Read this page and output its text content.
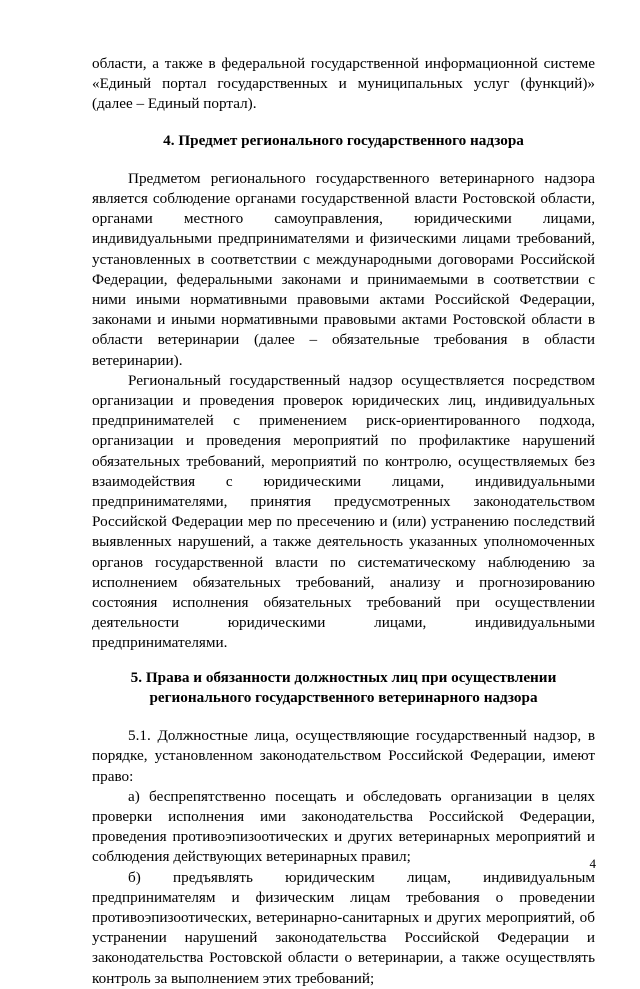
области, а также в федеральной государственной информационной системе «Единый портал государственных и муниципальных услуг (функций)» (далее – Единый портал).

4. Предмет регионального государственного надзора

Предметом регионального государственного ветеринарного надзора является соблюдение органами государственной власти Ростовской области, органами местного самоуправления, юридическими лицами, индивидуальными предпринимателями и физическими лицами требований, установленных в соответствии с международными договорами Российской Федерации, федеральными законами и принимаемыми в соответствии с ними иными нормативными правовыми актами Российской Федерации, законами и иными нормативными правовыми актами Ростовской области в области ветеринарии (далее – обязательные требования в области ветеринарии).

Региональный государственный надзор осуществляется посредством организации и проведения проверок юридических лиц, индивидуальных предпринимателей с применением риск-ориентированного подхода, организации и проведения мероприятий по профилактике нарушений обязательных требований, мероприятий по контролю, осуществляемых без взаимодействия с юридическими лицами, индивидуальными предпринимателями, принятия предусмотренных законодательством Российской Федерации мер по пресечению и (или) устранению последствий выявленных нарушений, а также деятельность указанных уполномоченных органов государственной власти по систематическому наблюдению за исполнением обязательных требований, анализу и прогнозированию состояния исполнения обязательных требований при осуществлении деятельности юридическими лицами, индивидуальными предпринимателями.

5. Права и обязанности должностных лиц при осуществлении
регионального государственного ветеринарного надзора

5.1. Должностные лица, осуществляющие государственный надзор, в порядке, установленном законодательством Российской Федерации, имеют право:

а) беспрепятственно посещать и обследовать организации в целях проверки исполнения ими законодательства Российской Федерации, проведения противоэпизоотических и других ветеринарных мероприятий и соблюдения действующих ветеринарных правил;

б) предъявлять юридическим лицам, индивидуальным предпринимателям и физическим лицам требования о проведении противоэпизоотических, ветеринарно-санитарных и других мероприятий, об устранении нарушений законодательства Российской Федерации и законодательства Ростовской области о ветеринарии, а также осуществлять контроль за выполнением этих требований;

4
